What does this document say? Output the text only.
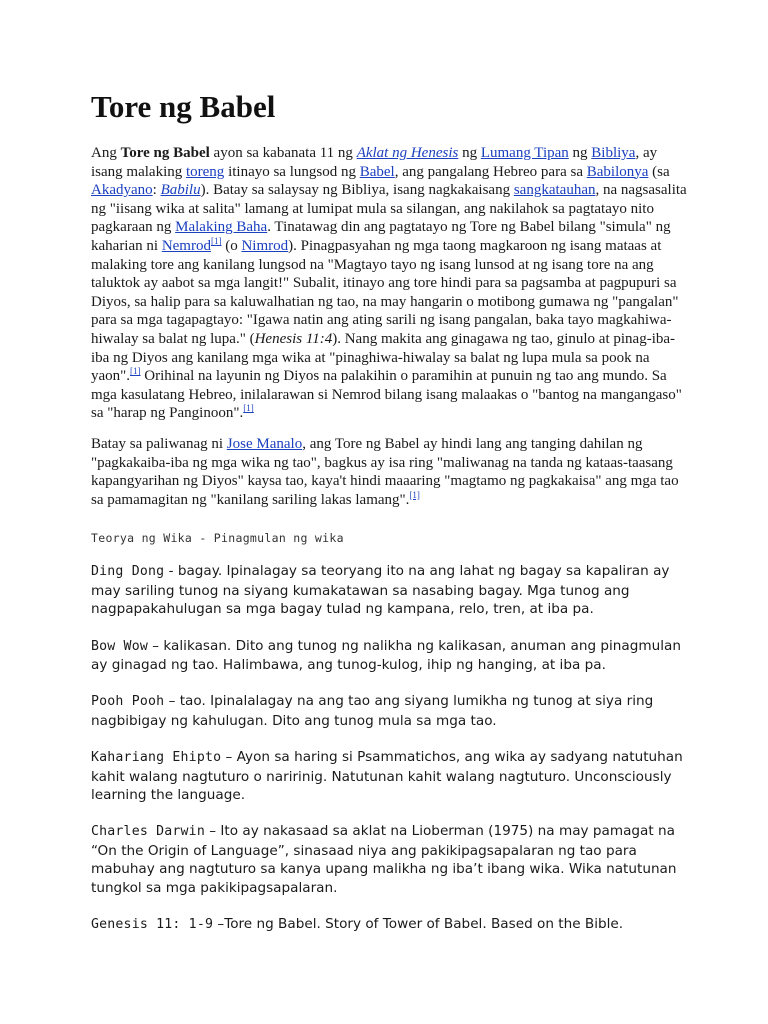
Tore ng Babel

Ang Tore ng Babel ayon sa kabanata 11 ng Aklat ng Henesis ng Lumang Tipan ng Bibliya, ay isang malaking toreng itinayo sa lungsod ng Babel, ang pangalang Hebreo para sa Babilonya (sa Akadyano: Babilu). Batay sa salaysay ng Bibliya, isang nagkakaisang sangkatauhan, na nagsasalita ng "iisang wika at salita" lamang at lumipat mula sa silangan, ang nakilahok sa pagtatayo nito pagkaraan ng Malaking Baha. Tinatawag din ang pagtatayo ng Tore ng Babel bilang "simula" ng kaharian ni Nemrod[1] (o Nimrod). Pinagpasyahan ng mga taong magkaroon ng isang mataas at malaking tore ang kanilang lungsod na "Magtayo tayo ng isang lunsod at ng isang tore na ang taluktok ay aabot sa mga langit!" Subalit, itinayo ang tore hindi para sa pagsamba at pagpupuri sa Diyos, sa halip para sa kaluwalhatian ng tao, na may hangarin o motibong gumawa ng "pangalan" para sa mga tagapagtayo: "Igawa natin ang ating sarili ng isang pangalan, baka tayo magkahiwa-hiwalay sa balat ng lupa." (Henesis 11:4). Nang makita ang ginagawa ng tao, ginulo at pinag-iba-iba ng Diyos ang kanilang mga wika at "pinaghiwa-hiwalay sa balat ng lupa mula sa pook na yaon".[1] Orihinal na layunin ng Diyos na palakihin o paramihin at punuin ng tao ang mundo. Sa mga kasulatang Hebreo, inilalarawan si Nemrod bilang isang malaakas o "bantog na mangangaso" sa "harap ng Panginoon".[1]

Batay sa paliwanag ni Jose Manalo, ang Tore ng Babel ay hindi lang ang tanging dahilan ng "pagkakaiba-iba ng mga wika ng tao", bagkus ay isa ring "maliwanag na tanda ng kataas-taasang kapangyarihan ng Diyos" kaysa tao, kaya't hindi maaaring "magtamo ng pagkakaisa" ang mga tao sa pamamagitan ng "kanilang sariling lakas lamang".[1]

Teorya ng Wika - Pinagmulan ng wika

Ding Dong - bagay. Ipinalagay sa teoryang ito na ang lahat ng bagay sa kapaliran ay may sariling tunog na siyang kumakatawan sa nasabing bagay. Mga tunog ang nagpapakahulugan sa mga bagay tulad ng kampana, relo, tren, at iba pa.

Bow Wow – kalikasan. Dito ang tunog ng nalikha ng kalikasan, anuman ang pinagmulan ay ginagad ng tao. Halimbawa, ang tunog-kulog, ihip ng hanging, at iba pa.

Pooh Pooh – tao. Ipinalalagay na ang tao ang siyang lumikha ng tunog at siya ring nagbibigay ng kahulugan. Dito ang tunog mula sa mga tao.

Kahariang Ehipto – Ayon sa haring si Psammatichos, ang wika ay sadyang natutuhan kahit walang nagtuturo o naririnig. Natutunan kahit walang nagtuturo. Unconsciously learning the language.

Charles Darwin – Ito ay nakasaad sa aklat na Lioberman (1975) na may pamagat na “On the Origin of Language”, sinasaad niya ang pakikipagsapalaran ng tao para mabuhay ang nagtuturo sa kanya upang malikha ng iba’t ibang wika. Wika natutunan tungkol sa mga pakikipagsapalaran.

Genesis 11: 1-9 –Tore ng Babel. Story of Tower of Babel. Based on the Bible.
